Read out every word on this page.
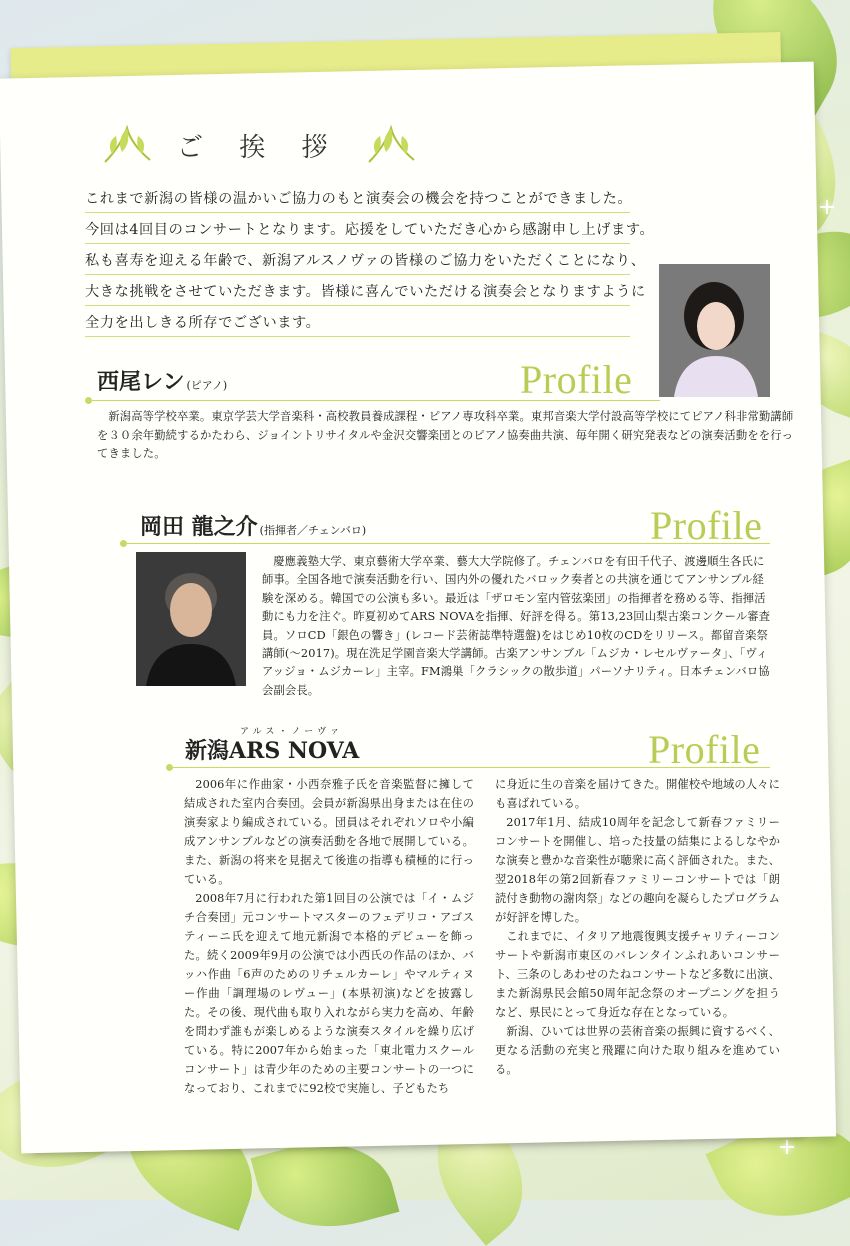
ご 挨 拶
これまで新潟の皆様の温かいご協力のもと演奏会の機会を持つことができました。
今回は4回目のコンサートとなります。応援をしていただき心から感謝申し上げます。
私も喜寿を迎える年齢で、新潟アルスノヴァの皆様のご協力をいただくことになり、
大きな挑戦をさせていただきます。皆様に喜んでいただける演奏会となりますように
全力を出しきる所存でございます。
西尾レン (ピアノ)	Profile
新潟高等学校卒業。東京学芸大学音楽科・高校教員養成課程・ピアノ専攻科卒業。東邦音楽大学付設高等学校にてピアノ科非常勤講師を３０余年勤続するかたわら、ジョイントリサイタルや金沢交響楽団とのピアノ協奏曲共演、毎年開く研究発表などの演奏活動をを行ってきました。
岡田 龍之介 (指揮者／チェンバロ)	Profile
慶應義塾大学、東京藝術大学卒業、藝大大学院修了。チェンバロを有田千代子、渡邊順生各氏に師事。全国各地で演奏活動を行い、国内外の優れたバロック奏者との共演を通じてアンサンブル経験を深める。韓国での公演も多い。最近は「ザロモン室内管弦楽団」の指揮者を務める等、指揮活動にも力を注ぐ。昨夏初めてARS NOVAを指揮、好評を得る。第13,23回山梨古楽コンクール審査員。ソロCD「銀色の響き」(レコード芸術誌準特選盤)をはじめ10枚のCDをリリース。都留音楽祭講師(～2017)。現在洗足学園音楽大学講師。古楽アンサンブル「ムジカ・レセルヴァータ」、「ヴィアッジョ・ムジカーレ」主宰。FM鴻巣「クラシックの散歩道」パーソナリティ。日本チェンバロ協会副会長。
アルス・ノーヴァ
新潟ARS NOVA	Profile

2006年に作曲家・小西奈雅子氏を音楽監督に擁して結成された室内合奏団。会員が新潟県出身または在住の演奏家より編成されている。団員はそれぞれソロや小編成アンサンブルなどの演奏活動を各地で展開している。また、新潟の将来を見据えて後進の指導も積極的に行っている。

2008年7月に行われた第1回目の公演では「イ・ムジチ合奏団」元コンサートマスターのフェデリコ・アゴスティーニ氏を迎えて地元新潟で本格的デビューを飾った。続く2009年9月の公演では小西氏の作品のほか、バッハ作曲「6声のためのリチェルカーレ」やマルティヌー作曲「調理場のレヴュー」(本県初演)などを披露した。その後、現代曲も取り入れながら実力を高め、年齢を問わず誰もが楽しめるような演奏スタイルを繰り広げている。特に2007年から始まった「東北電力スクールコンサート」は青少年のための主要コンサートの一つになっており、これまでに92校で実施し、子どもたち

に身近に生の音楽を届けてきた。開催校や地域の人々にも喜ばれている。

2017年1月、結成10周年を記念して新春ファミリーコンサートを開催し、培った技量の結集によるしなやかな演奏と豊かな音楽性が聴衆に高く評価された。また、翌2018年の第2回新春ファミリーコンサートでは「朗読付き動物の謝肉祭」などの趣向を凝らしたプログラムが好評を博した。

これまでに、イタリア地震復興支援チャリティーコンサートや新潟市東区のバレンタインふれあいコンサート、三条のしあわせのたねコンサートなど多数に出演、また新潟県民会館50周年記念祭のオープニングを担うなど、県民にとって身近な存在となっている。

新潟、ひいては世界の芸術音楽の振興に資するべく、更なる活動の充実と飛躍に向けた取り組みを進めている。
